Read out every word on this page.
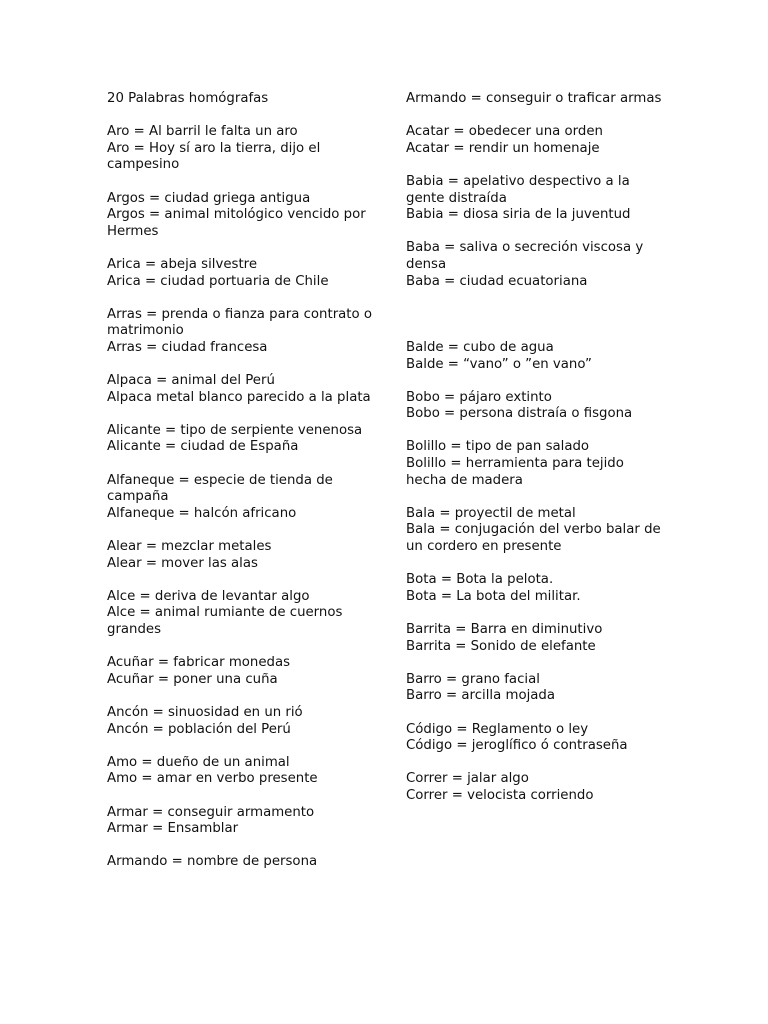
20 Palabras homógrafas
Aro = Al barril le falta un aro
Aro = Hoy sí aro la tierra, dijo el campesino
Argos = ciudad griega antigua
Argos = animal mitológico vencido por Hermes
Arica = abeja silvestre
Arica = ciudad portuaria de Chile
Arras = prenda o fianza para contrato o matrimonio
Arras = ciudad francesa
Alpaca = animal del Perú
Alpaca metal blanco parecido a la plata
Alicante = tipo de serpiente venenosa
Alicante = ciudad de España
Alfaneque = especie de tienda de campaña
Alfaneque = halcón africano
Alear = mezclar metales
Alear = mover las alas
Alce = deriva de levantar algo
Alce = animal rumiante de cuernos grandes
Acuñar = fabricar monedas
Acuñar = poner una cuña
Ancón = sinuosidad en un rió
Ancón = población del Perú
Amo = dueño de un animal
Amo = amar en verbo presente
Armar = conseguir armamento
Armar = Ensamblar
Armando = nombre de persona
Armando = conseguir o traficar armas
Acatar = obedecer una orden
Acatar = rendir un homenaje
Babia = apelativo despectivo a la gente distraída
Babia = diosa siria de la juventud
Baba = saliva o secreción viscosa y densa
Baba = ciudad ecuatoriana
Balde = cubo de agua
Balde = “vano” o ”en vano”
Bobo = pájaro extinto
Bobo = persona distraía o fisgona
Bolillo = tipo de pan salado
Bolillo = herramienta para tejido hecha de madera
Bala = proyectil de metal
Bala = conjugación del verbo balar de un cordero en presente
Bota = Bota la pelota.
Bota = La bota del militar.
Barrita = Barra en diminutivo
Barrita = Sonido de elefante
Barro = grano facial
Barro = arcilla mojada
Código = Reglamento o ley
Código = jeroglífico ó contraseña
Correr = jalar algo
Correr = velocista corriendo
